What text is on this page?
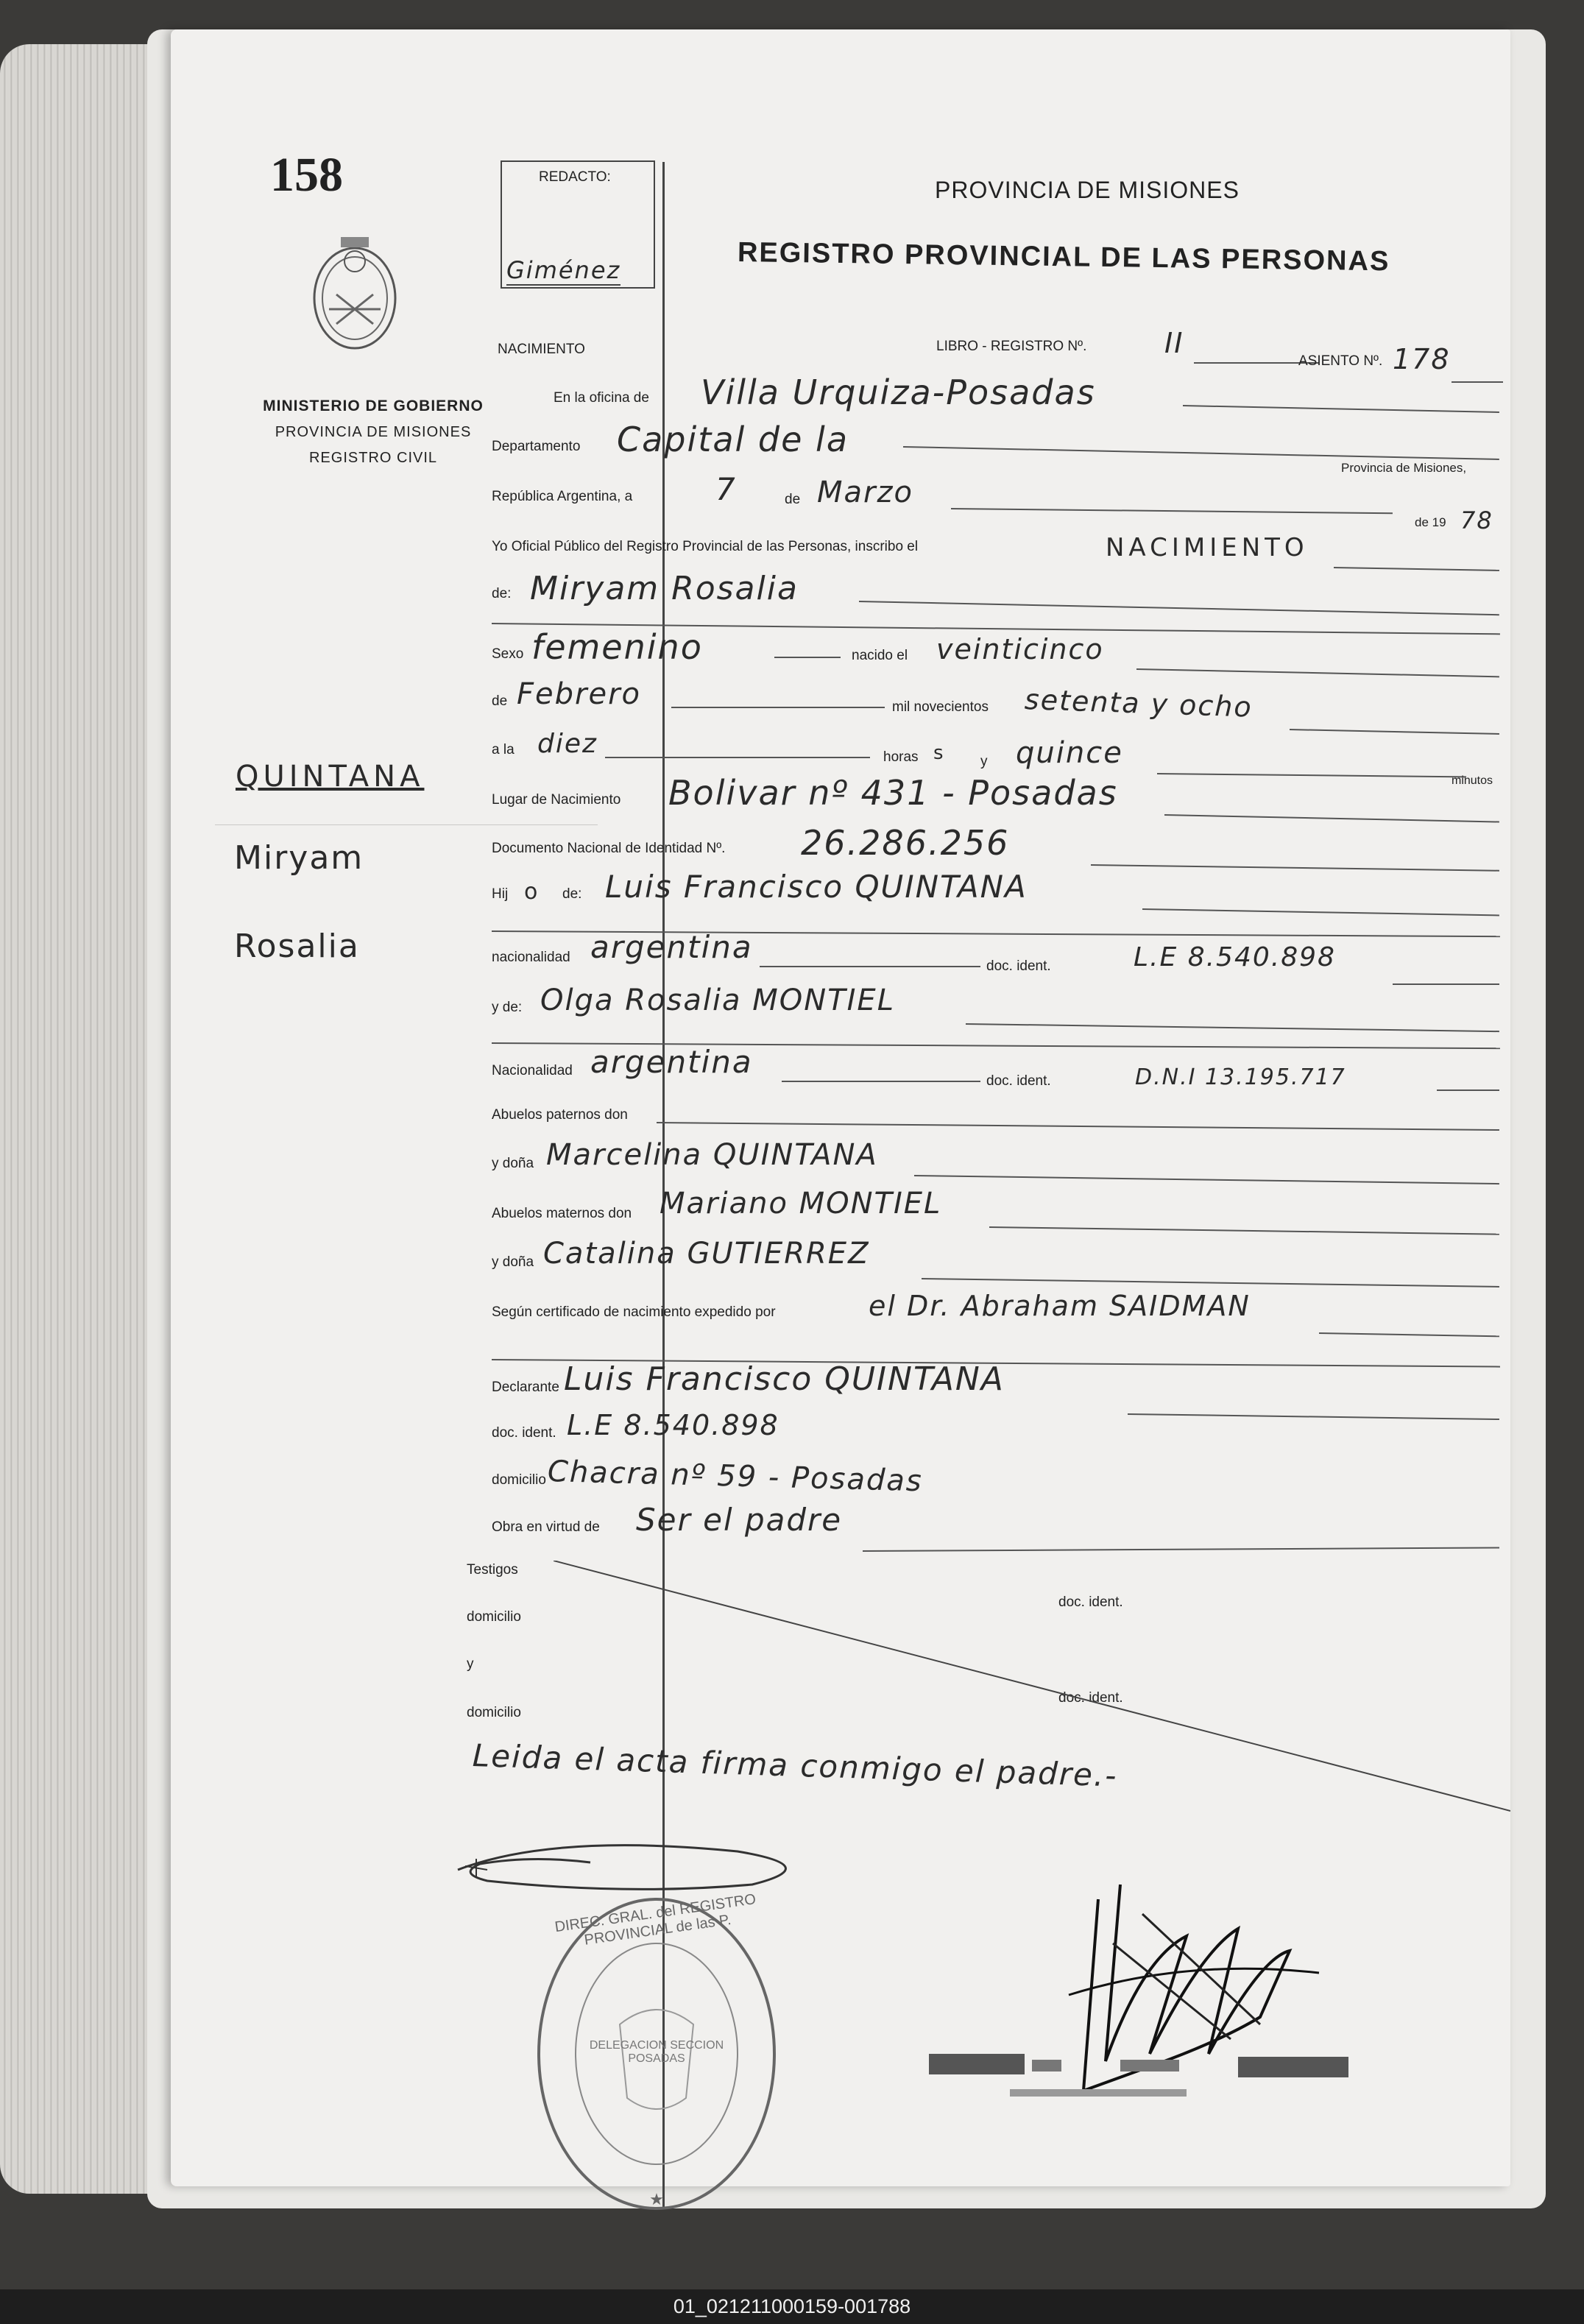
158
MINISTERIO DE GOBIERNO
PROVINCIA DE MISIONES
REGISTRO CIVIL
QUINTANA
Miryam
Rosalia
REDACTO:
Giménez
PROVINCIA DE MISIONES
REGISTRO PROVINCIAL DE LAS PERSONAS
NACIMIENTO	LIBRO - REGISTRO Nº.	II
ASIENTO Nº. 178
En la oficina de Villa Urquiza-Posadas
Departamento Capital de la
Provincia de Misiones,
República Argentina, a	7	de Marzo
de 19 78
Yo Oficial Público del Registro Provincial de las Personas, inscribo el	NACIMIENTO
de: Miryam Rosalia
Sexo femenino	nacido el veinticinco
de Febrero	mil novecientos setenta y ocho
a la diez	horas s	y quince
minutos
Lugar de Nacimiento Bolivar nº 431 - Posadas
Documento Nacional de Identidad Nº. 26.286.256
Hij o de: Luis Francisco QUINTANA
nacionalidad argentina
doc. ident.	L.E 8.540.898
y de: Olga Rosalia MONTIEL
Nacionalidad argentina
doc. ident.	D.N.I 13.195.717
Abuelos paternos don
y doña Marcelina QUINTANA
Abuelos maternos don Mariano MONTIEL
y doña Catalina GUTIERREZ
Según certificado de nacimiento expedido por	el Dr. Abraham SAIDMAN
Declarante Luis Francisco QUINTANA
doc. ident. L.E 8.540.898
domicilio Chacra nº 59 - Posadas
Obra en virtud de Ser el padre
Testigos
doc. ident.
domicilio
y
doc. ident.
domicilio
Leida el acta firma conmigo el padre.-
★
DIREC. GRAL. del REGISTRO PROVINCIAL de las P.
DELEGACION SECCION POSADAS
01_021211000159-001788
